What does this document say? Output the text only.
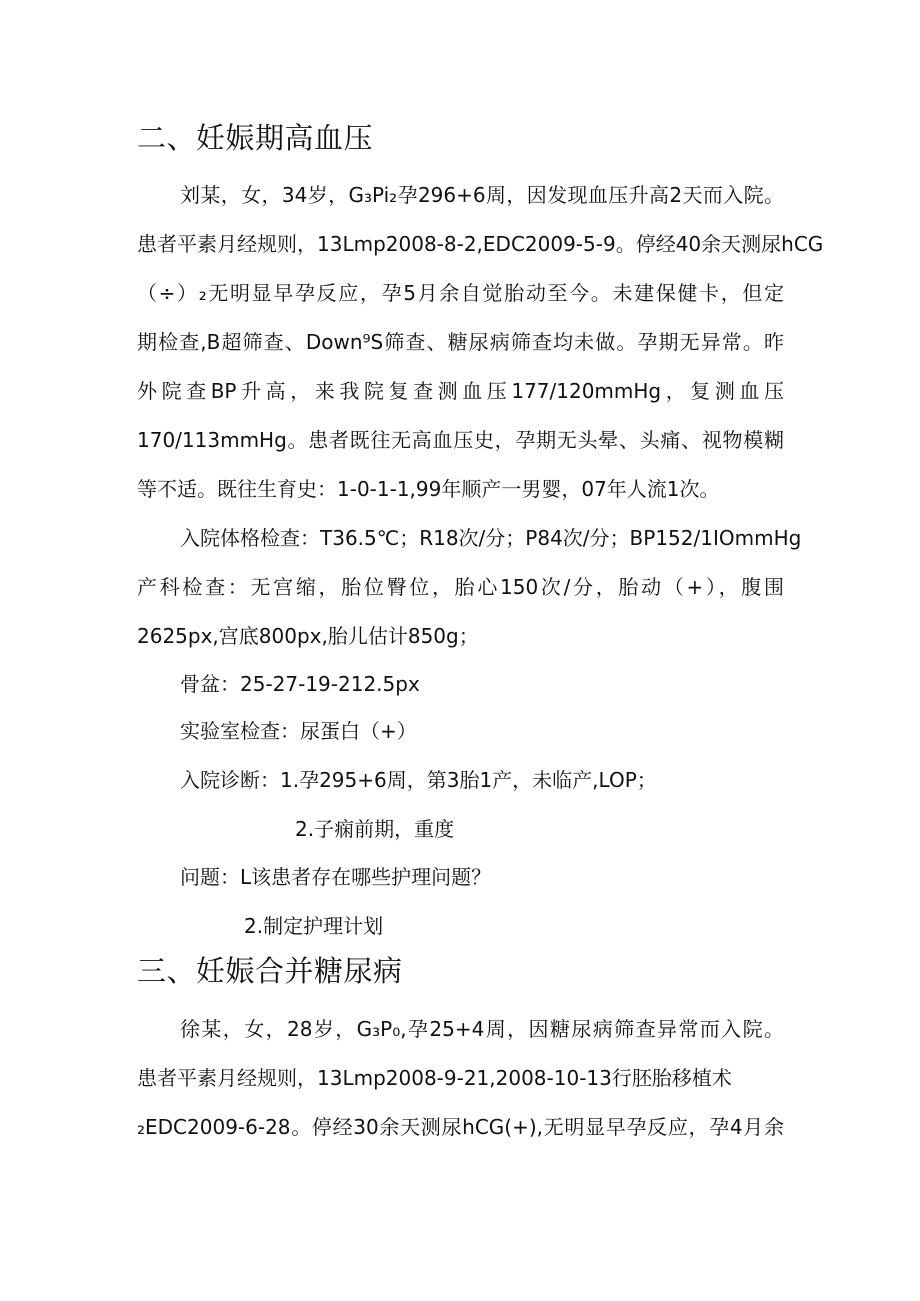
二、妊娠期高血压

刘某，女，34岁，G₃Pi₂孕296+6周，因发现血压升高2天而入院。

患者平素月经规则，13Lmp2008-8-2,EDC2009-5-9。停经40余天测尿hCG

（÷）₂无明显早孕反应，孕5月余自觉胎动至今。未建保健卡，但定

期检查,B超筛查、Down⁹S筛查、糖尿病筛查均未做。孕期无异常。昨

外院查BP升高，来我院复查测血压177/120mmHg，复测血压

170/113mmHg。患者既往无高血压史，孕期无头晕、头痛、视物模糊

等不适。既往生育史：1-0-1-1,99年顺产一男婴，07年人流1次。

入院体格检查：T36.5℃；R18次/分；P84次/分；BP152/1IOmmHg

产科检查：无宫缩，胎位臀位，胎心150次/分，胎动（+），腹围

2625px,宫底800px,胎儿估计850g；

骨盆：25-27-19-212.5px

实验室检查：尿蛋白（+）

入院诊断：1.孕295+6周，第3胎1产，未临产,LOP；

2.子痫前期，重度

问题：L该患者存在哪些护理问题？

2.制定护理计划

三、妊娠合并糖尿病

徐某，女，28岁，G₃P₀,孕25+4周，因糖尿病筛查异常而入院。

患者平素月经规则，13Lmp2008-9-21,2008-10-13行胚胎移植术

₂EDC2009-6-28。停经30余天测尿hCG(+),无明显早孕反应，孕4月余
